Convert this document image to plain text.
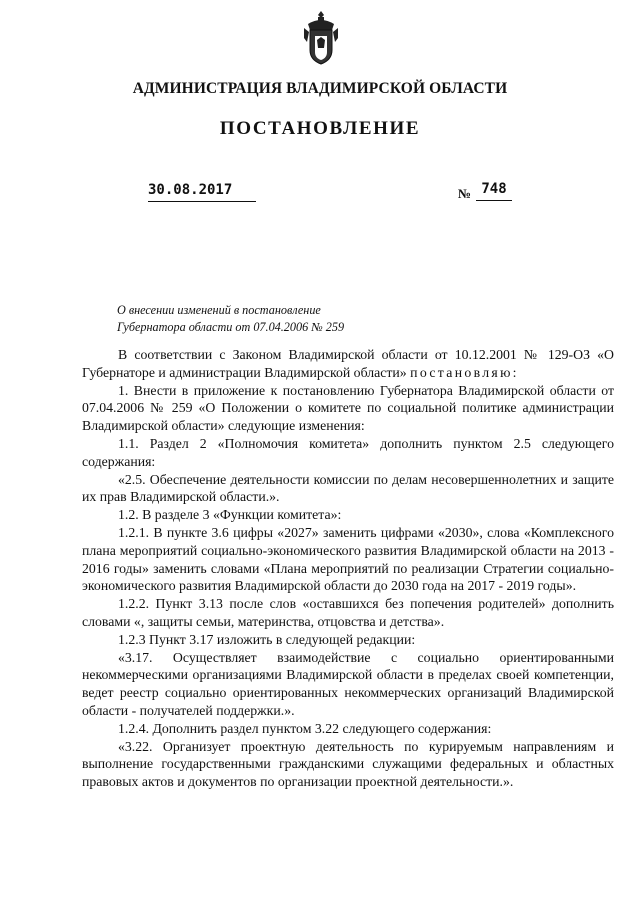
АДМИНИСТРАЦИЯ ВЛАДИМИРСКОЙ ОБЛАСТИ
ПОСТАНОВЛЕНИЕ
30.08.2017	№ 748
О внесении изменений в постановление
Губернатора области от 07.04.2006 № 259

В соответствии с Законом Владимирской области от 10.12.2001 № 129-ОЗ «О Губернаторе и администрации Владимирской области» постановляю:

1. Внести в приложение к постановлению Губернатора Владимирской области от 07.04.2006 № 259 «О Положении о комитете по социальной политике администрации Владимирской области» следующие изменения:

1.1. Раздел 2 «Полномочия комитета» дополнить пунктом 2.5 следующего содержания:

«2.5. Обеспечение деятельности комиссии по делам несовершеннолетних и защите их прав Владимирской области.».

1.2. В разделе 3 «Функции комитета»:

1.2.1. В пункте 3.6 цифры «2027» заменить цифрами «2030», слова «Комплексного плана мероприятий социально-экономического развития Владимирской области на 2013 - 2016 годы» заменить словами «Плана мероприятий по реализации Стратегии социально-экономического развития Владимирской области до 2030 года на 2017 - 2019 годы».

1.2.2. Пункт 3.13 после слов «оставшихся без попечения родителей» дополнить словами «, защиты семьи, материнства, отцовства и детства».

1.2.3 Пункт 3.17 изложить в следующей редакции:

«3.17. Осуществляет взаимодействие с социально ориентированными некоммерческими организациями Владимирской области в пределах своей компетенции, ведет реестр социально ориентированных некоммерческих организаций Владимирской области - получателей поддержки.».

1.2.4. Дополнить раздел пунктом 3.22 следующего содержания:

«3.22. Организует проектную деятельность по курируемым направлениям и выполнение государственными гражданскими служащими федеральных и областных правовых актов и документов по организации проектной деятельности.».
